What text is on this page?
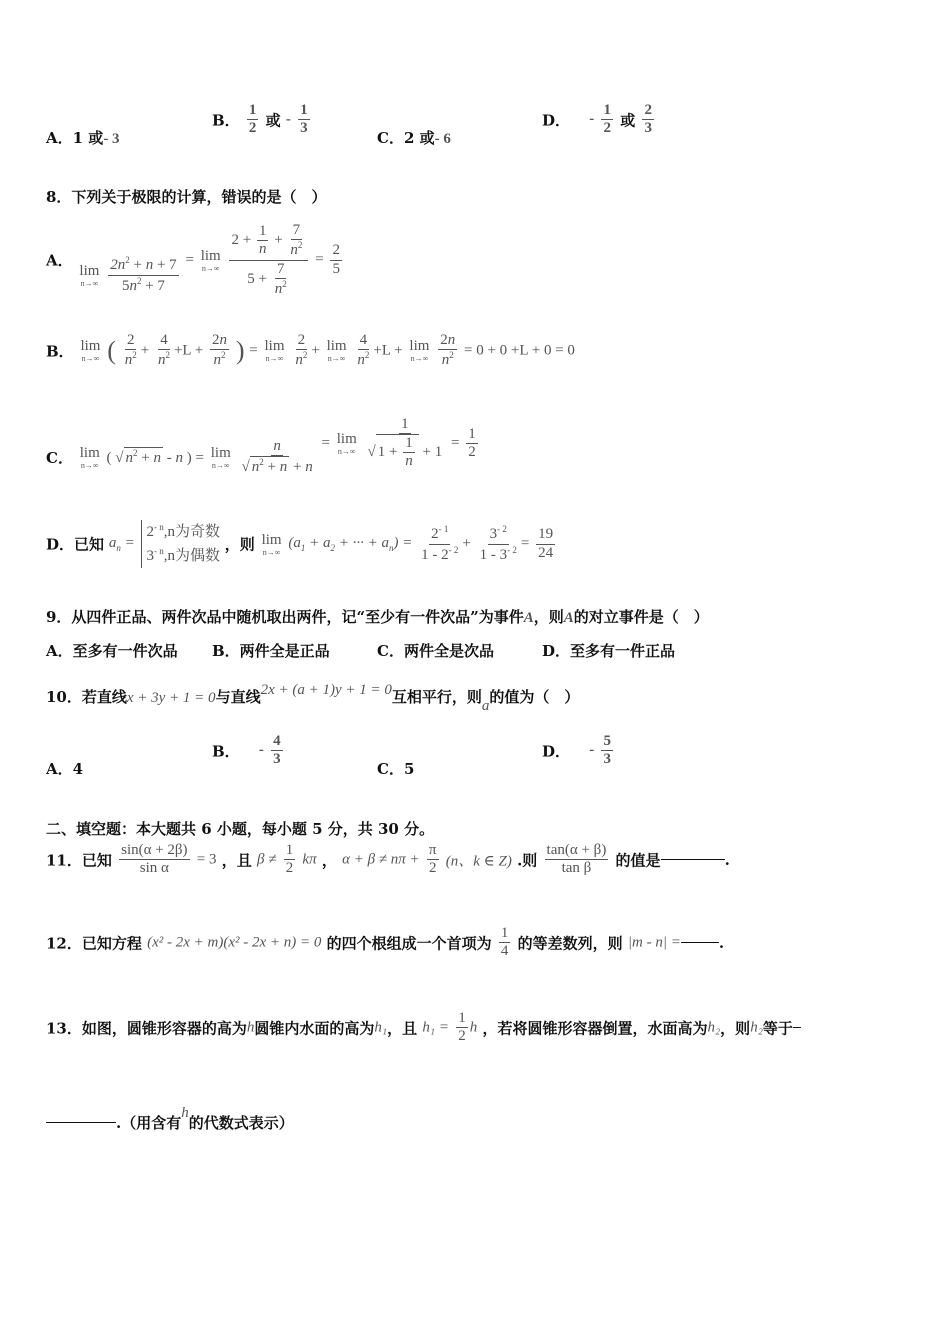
A．1 或- 3
B． $\frac{1}{2}$ 或 - $\frac{1}{3}$
C．2 或- 6
D． - $\frac{1}{2}$ 或 $\frac{2}{3}$
8．下列关于极限的计算，错误的是（　）
A．
lim
n→∞
$\frac{2n^2 + n + 7}{5n^2 + 7} = \lim$
n→∞
$\frac{2 + \frac{1}{n} + \frac{7}{n^2}}{5 + \frac{7}{n^2}} = \frac{2}{5}$
B． lim
n→∞ ( $\frac{2}{n^2} + \frac{4}{n^2} +L + \frac{2n}{n^2}$ ) = lim
n→∞
$\frac{2}{n^2} + \lim$
n→∞
$\frac{4}{n^2} +L + \lim$
n→∞
$\frac{2n}{n^2} = 0 + 0 +L + 0 = 0$
C． lim
n→∞ ( √ $n^2 + n - n$ ) = lim
n→∞
$\frac{n}{√ n^2 + n + n} = \lim$
n→∞
$\frac{1}{√ 1 + \frac{1}{n} + 1} = \frac{1}{2}$
D．已知 $a_n$ =
$2^{- n},n$为奇数
$3^{- n},n$为偶数
，则 lim
n→∞
($a_1 + a_2$ + ··· + $a_n) = \frac{2^{- 1}}{1 - 2^{- 2}} + \frac{3^{- 2}}{1 - 3^{- 2}} = \frac{19}{24}$
9．从四件正品、两件次品中随机取出两件，记“至少有一件次品”为事件A，则A的对立事件是（　）
A．至多有一件次品 B．两件全是正品	C．两件全是次品	D．至多有一件正品
10．若直线x + 3y + 1 = 0与直线2x + (a + 1)y + 1 = 0互相平行，则a的值为（　）
A．4
B． - $\frac{4}{3}$
C．5
D． - $\frac{5}{3}$
二、填空题：本大题共 6 小题，每小题 5 分，共 30 分。
11．已知 $\frac{\sin(\alpha + 2\beta)}{\text{sin α}} = 3$ ，且 $\beta \ne \frac{1}{2}$ kπ ， $\alpha + \beta \ne n\pi + \frac{\pi}{2} (n$、k ∈ Z) .则 $\frac{\tan(\alpha + \beta)}{\text{tan β}}$ 的值是	.
12．已知方程 (x² - 2x + m)(x² - 2x + n) = 0 的四个根组成一个首项为 $\frac{1}{4}$ 的等差数列，则 |m - n| =	.
13．如图，圆锥形容器的高为h圆锥内水面的高为h₁，且 $h_1 = \frac{1}{2}$ h ，若将圆锥形容器倒置，水面高为h₂，则h₂等于
.（用含有h的代数式表示）
